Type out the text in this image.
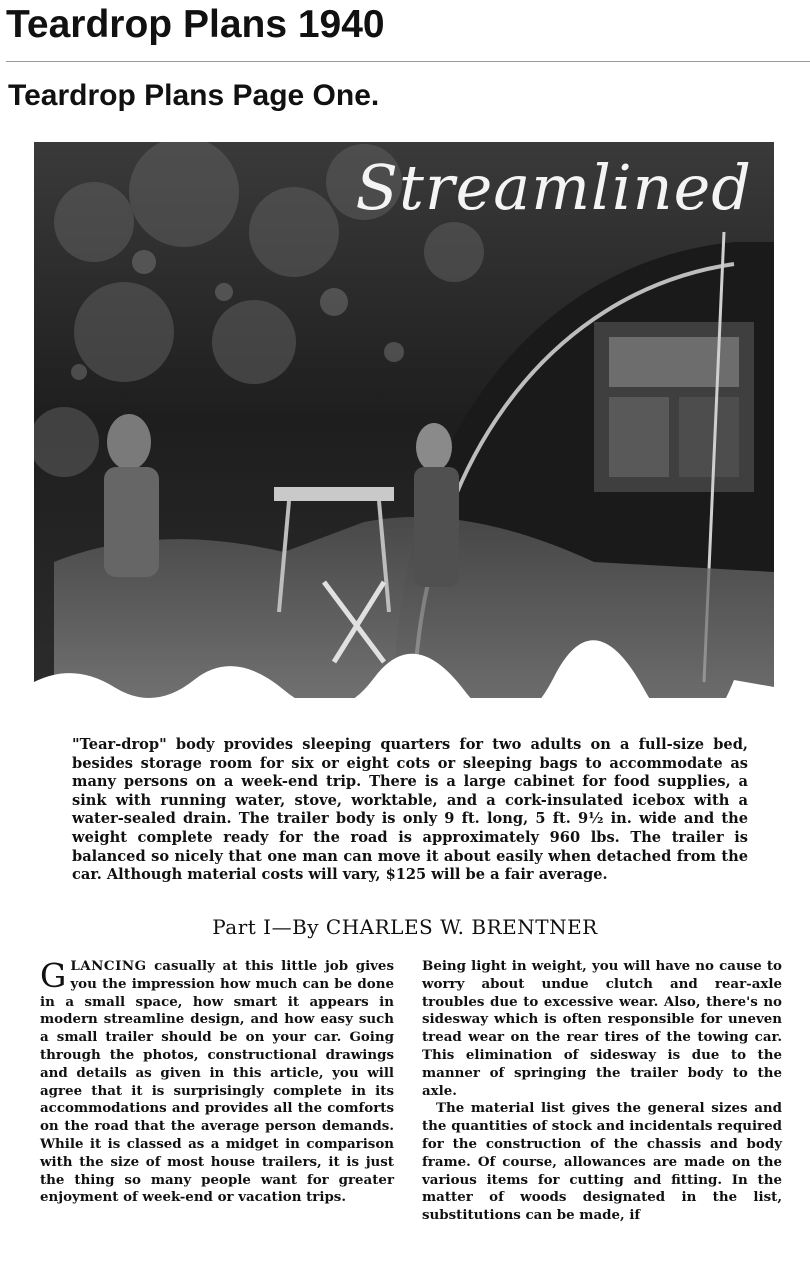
Teardrop Plans 1940
Teardrop Plans Page One.
Streamlined

"Tear-drop" body provides sleeping quarters for two adults on a full-size bed, besides storage room for six or eight cots or sleeping bags to accommodate as many persons on a week-end trip. There is a large cabinet for food supplies, a sink with running water, stove, worktable, and a cork-insulated icebox with a water-sealed drain. The trailer body is only 9 ft. long, 5 ft. 9½ in. wide and the weight complete ready for the road is approximately 960 lbs. The trailer is balanced so nicely that one man can move it about easily when detached from the car. Although material costs will vary, $125 will be a fair average.

Part I—By CHARLES W. BRENTNER

GLANCING casually at this little job gives you the impression how much can be done in a small space, how smart it appears in modern streamline design, and how easy such a small trailer should be on your car. Going through the photos, constructional drawings and details as given in this article, you will agree that it is surprisingly complete in its accommodations and provides all the comforts on the road that the average person demands. While it is classed as a midget in comparison with the size of most house trailers, it is just the thing so many people want for greater enjoyment of week-end or vacation trips.

Being light in weight, you will have no cause to worry about undue clutch and rear-axle troubles due to excessive wear. Also, there's no sidesway which is often responsible for uneven tread wear on the rear tires of the towing car. This elimination of sidesway is due to the manner of springing the trailer body to the axle.

The material list gives the general sizes and the quantities of stock and incidentals required for the construction of the chassis and body frame. Of course, allowances are made on the various items for cutting and fitting. In the matter of woods designated in the list, substitutions can be made, if
